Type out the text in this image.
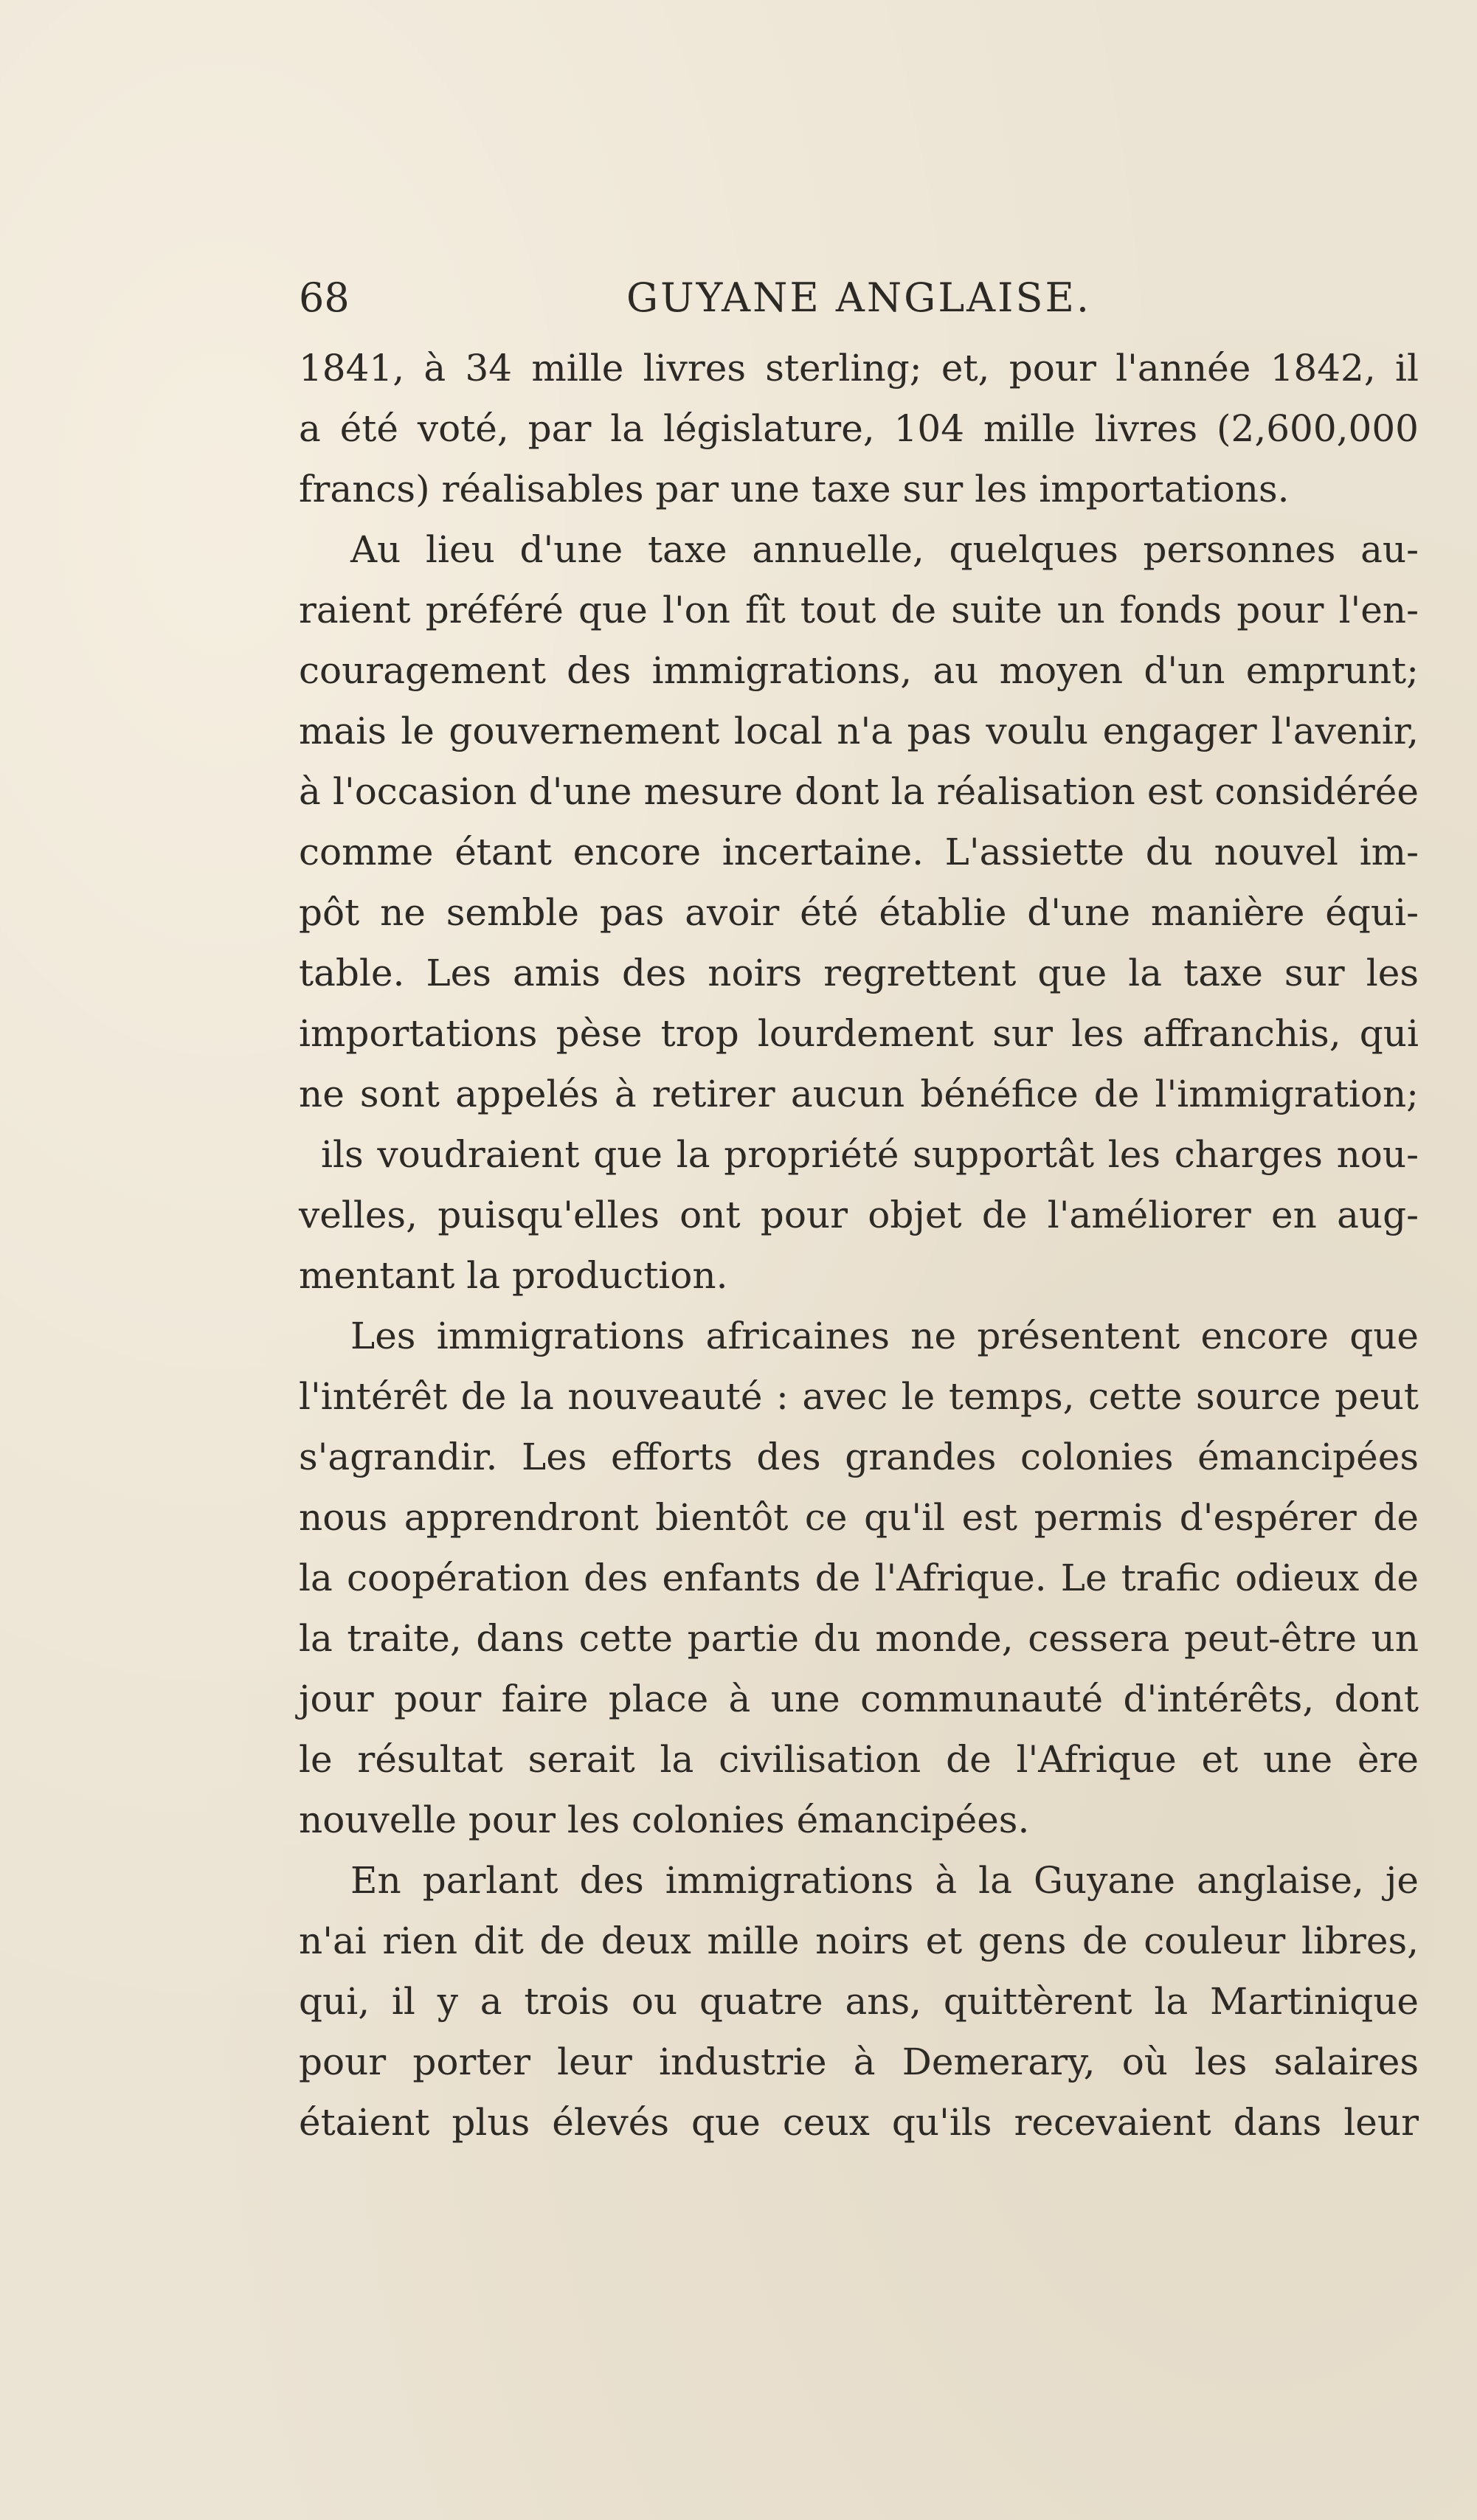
68	GUYANE ANGLAISE.
1841, à 34 mille livres sterling; et, pour l'année 1842, il
a été voté, par la législature, 104 mille livres (2,600,000
francs) réalisables par une taxe sur les importations.
Au lieu d'une taxe annuelle, quelques personnes au-
raient préféré que l'on fît tout de suite un fonds pour l'en-
couragement des immigrations, au moyen d'un emprunt;
mais le gouvernement local n'a pas voulu engager l'avenir,
à l'occasion d'une mesure dont la réalisation est considérée
comme étant encore incertaine. L'assiette du nouvel im-
pôt ne semble pas avoir été établie d'une manière équi-
table. Les amis des noirs regrettent que la taxe sur les
importations pèse trop lourdement sur les affranchis, qui
ne sont appelés à retirer aucun bénéfice de l'immigration;
ils voudraient que la propriété supportât les charges nou-
velles, puisqu'elles ont pour objet de l'améliorer en aug-
mentant la production.
Les immigrations africaines ne présentent encore que
l'intérêt de la nouveauté : avec le temps, cette source peut
s'agrandir. Les efforts des grandes colonies émancipées
nous apprendront bientôt ce qu'il est permis d'espérer de
la coopération des enfants de l'Afrique. Le trafic odieux de
la traite, dans cette partie du monde, cessera peut-être un
jour pour faire place à une communauté d'intérêts, dont
le résultat serait la civilisation de l'Afrique et une ère
nouvelle pour les colonies émancipées.
En parlant des immigrations à la Guyane anglaise, je
n'ai rien dit de deux mille noirs et gens de couleur libres,
qui, il y a trois ou quatre ans, quittèrent la Martinique
pour porter leur industrie à Demerary, où les salaires
étaient plus élevés que ceux qu'ils recevaient dans leur
